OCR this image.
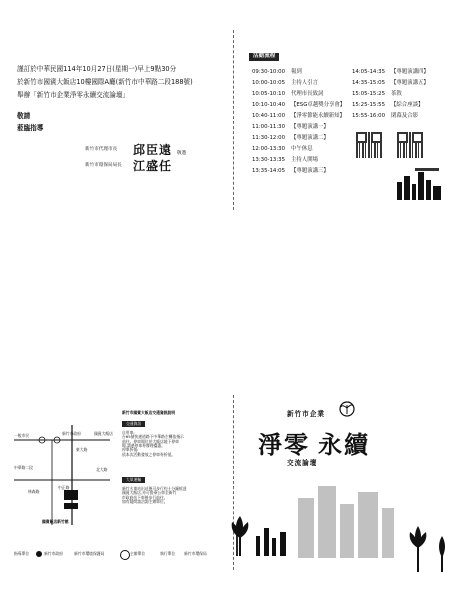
謹訂於中華民國114年10月27日(星期一)早上9點30分
於新竹市國賓大飯店10樓國際A廳(新竹市中華路二段188號)
舉辦「新竹市企業淨零永續交流論壇」
敬請
蒞臨指導
新竹市代理市長 邱臣遠
新竹市環保局局長 江盛任
敬邀
活動流程
09:30-10:00 報到
10:00-10:05 主持人引言
10:05-10:10 代理市長致詞
10:10-10:40 【ESG卓越獎分享會】
10:40-11:00 【淨零節能永續新知】
11:00-11:30 【專題演講一】
11:30-12:00 【專題演講二】
12:00-13:30 中午休息
13:30-13:35 主持人開場
13:35-14:05 【專題演講三】
14:05-14:35 【專題演講四】
14:35-15:05 【專題演講五】
15:05-15:25 茶敘
15:25-15:55 【綜合座談】
15:55-16:00 閉幕及合影
一般市民	新竹市政府	國賓大飯店
中華路二段
東大路
中正路
北大路
林森路
國賓飯店新竹館
新竹市國賓大飯店交通資訊說明
交通資訊
自用車:
台65號快速道路下中華路左轉依指示
前往。停車場位於大飯店地下停車
場,請憑停車券辦理優惠。
停車折抵:
依本次活動發放之停車券折抵。
大眾運輸
新竹火車站出站後可步行約十分鐘抵達
國賓大飯店,亦可搭乘公車至新竹
市政府站下車後步行前往。
如有疑問請洽詢主辦單位。
指導單位	新竹市政府	新竹市環境保護局	主辦單位	執行單位 新竹市環保局
新竹市企業
淨零 永續
交流論壇
